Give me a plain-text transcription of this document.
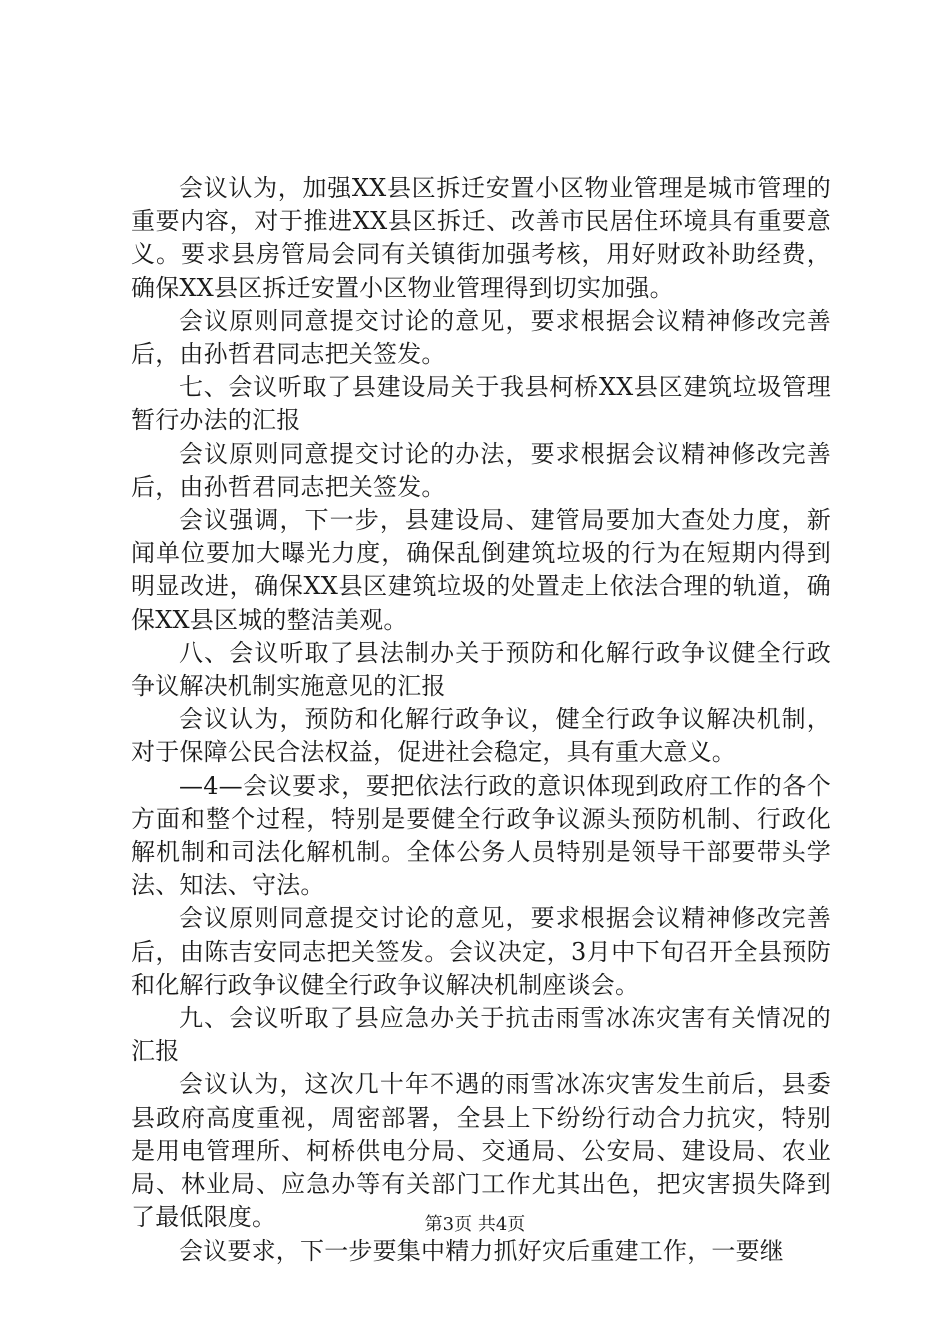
会议认为，加强XX县区拆迁安置小区物业管理是城市管理的重要内容，对于推进XX县区拆迁、改善市民居住环境具有重要意义。要求县房管局会同有关镇街加强考核，用好财政补助经费，确保XX县区拆迁安置小区物业管理得到切实加强。

会议原则同意提交讨论的意见，要求根据会议精神修改完善后，由孙哲君同志把关签发。

七、会议听取了县建设局关于我县柯桥XX县区建筑垃圾管理暂行办法的汇报

会议原则同意提交讨论的办法，要求根据会议精神修改完善后，由孙哲君同志把关签发。

会议强调，下一步，县建设局、建管局要加大查处力度，新闻单位要加大曝光力度，确保乱倒建筑垃圾的行为在短期内得到明显改进，确保XX县区建筑垃圾的处置走上依法合理的轨道，确保XX县区城的整洁美观。

八、会议听取了县法制办关于预防和化解行政争议健全行政争议解决机制实施意见的汇报

会议认为，预防和化解行政争议，健全行政争议解决机制，对于保障公民合法权益，促进社会稳定，具有重大意义。

—4—会议要求，要把依法行政的意识体现到政府工作的各个方面和整个过程，特别是要健全行政争议源头预防机制、行政化解机制和司法化解机制。全体公务人员特别是领导干部要带头学法、知法、守法。

会议原则同意提交讨论的意见，要求根据会议精神修改完善后，由陈吉安同志把关签发。会议决定，3月中下旬召开全县预防和化解行政争议健全行政争议解决机制座谈会。

九、会议听取了县应急办关于抗击雨雪冰冻灾害有关情况的汇报

会议认为，这次几十年不遇的雨雪冰冻灾害发生前后，县委县政府高度重视，周密部署，全县上下纷纷行动合力抗灾，特别是用电管理所、柯桥供电分局、交通局、公安局、建设局、农业局、林业局、应急办等有关部门工作尤其出色，把灾害损失降到了最低限度。

会议要求，下一步要集中精力抓好灾后重建工作，一要继

第3页 共4页
